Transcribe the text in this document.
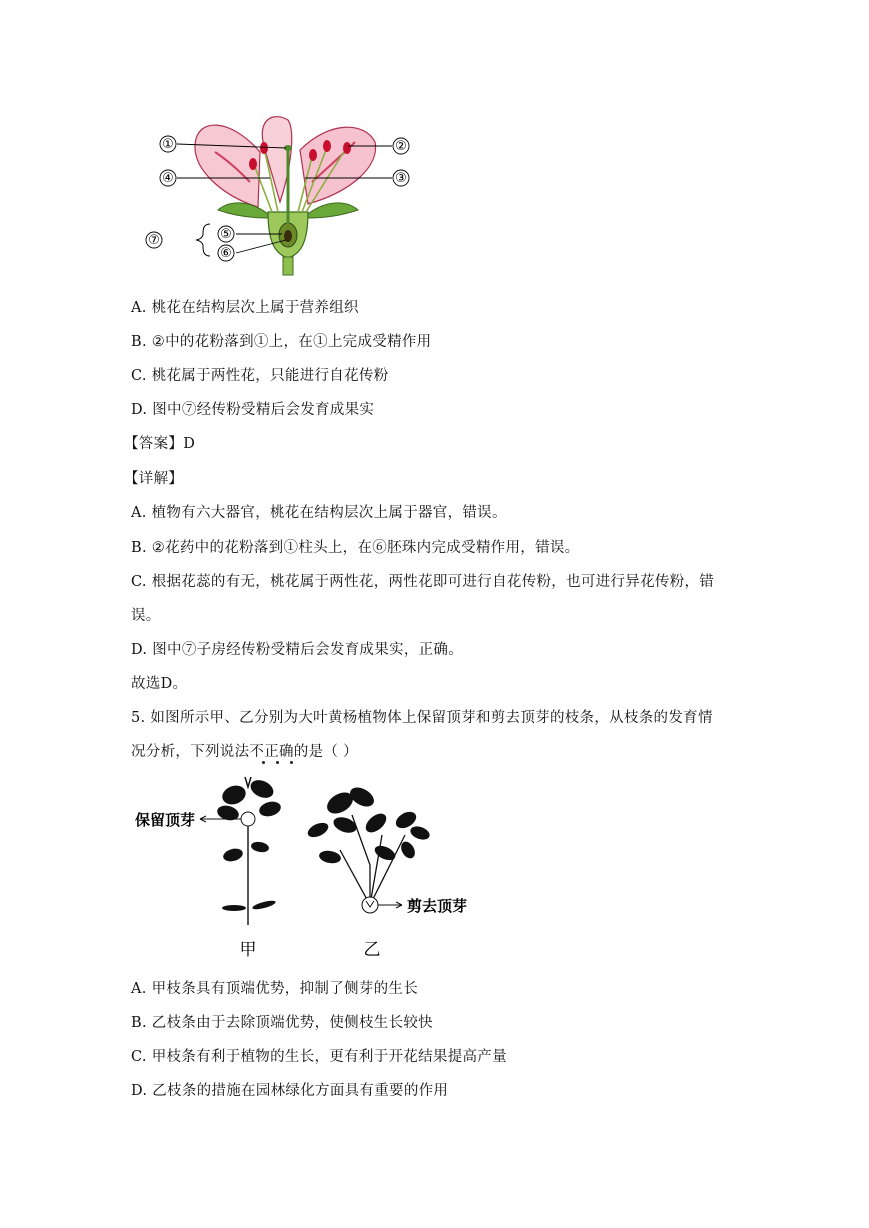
①	②
③
④
⑤
⑥
⑦
A. 桃花在结构层次上属于营养组织
B. ②中的花粉落到①上，在①上完成受精作用
C. 桃花属于两性花，只能进行自花传粉
D. 图中⑦经传粉受精后会发育成果实
【答案】D
【详解】
A. 植物有六大器官，桃花在结构层次上属于器官，错误。
B. ②花药中的花粉落到①柱头上，在⑥胚珠内完成受精作用，错误。
C. 根据花蕊的有无，桃花属于两性花，两性花即可进行自花传粉，也可进行异花传粉，错
误。
D. 图中⑦子房经传粉受精后会发育成果实，正确。
故选D。
5. 如图所示甲、乙分别为大叶黄杨植物体上保留顶芽和剪去顶芽的枝条，从枝条的发育情
况分析，下列说法不正确的是（ ）
保留顶芽
甲
剪去顶芽
乙
A. 甲枝条具有顶端优势，抑制了侧芽的生长
B. 乙枝条由于去除顶端优势，使侧枝生长较快
C. 甲枝条有利于植物的生长，更有利于开花结果提高产量
D. 乙枝条的措施在园林绿化方面具有重要的作用
